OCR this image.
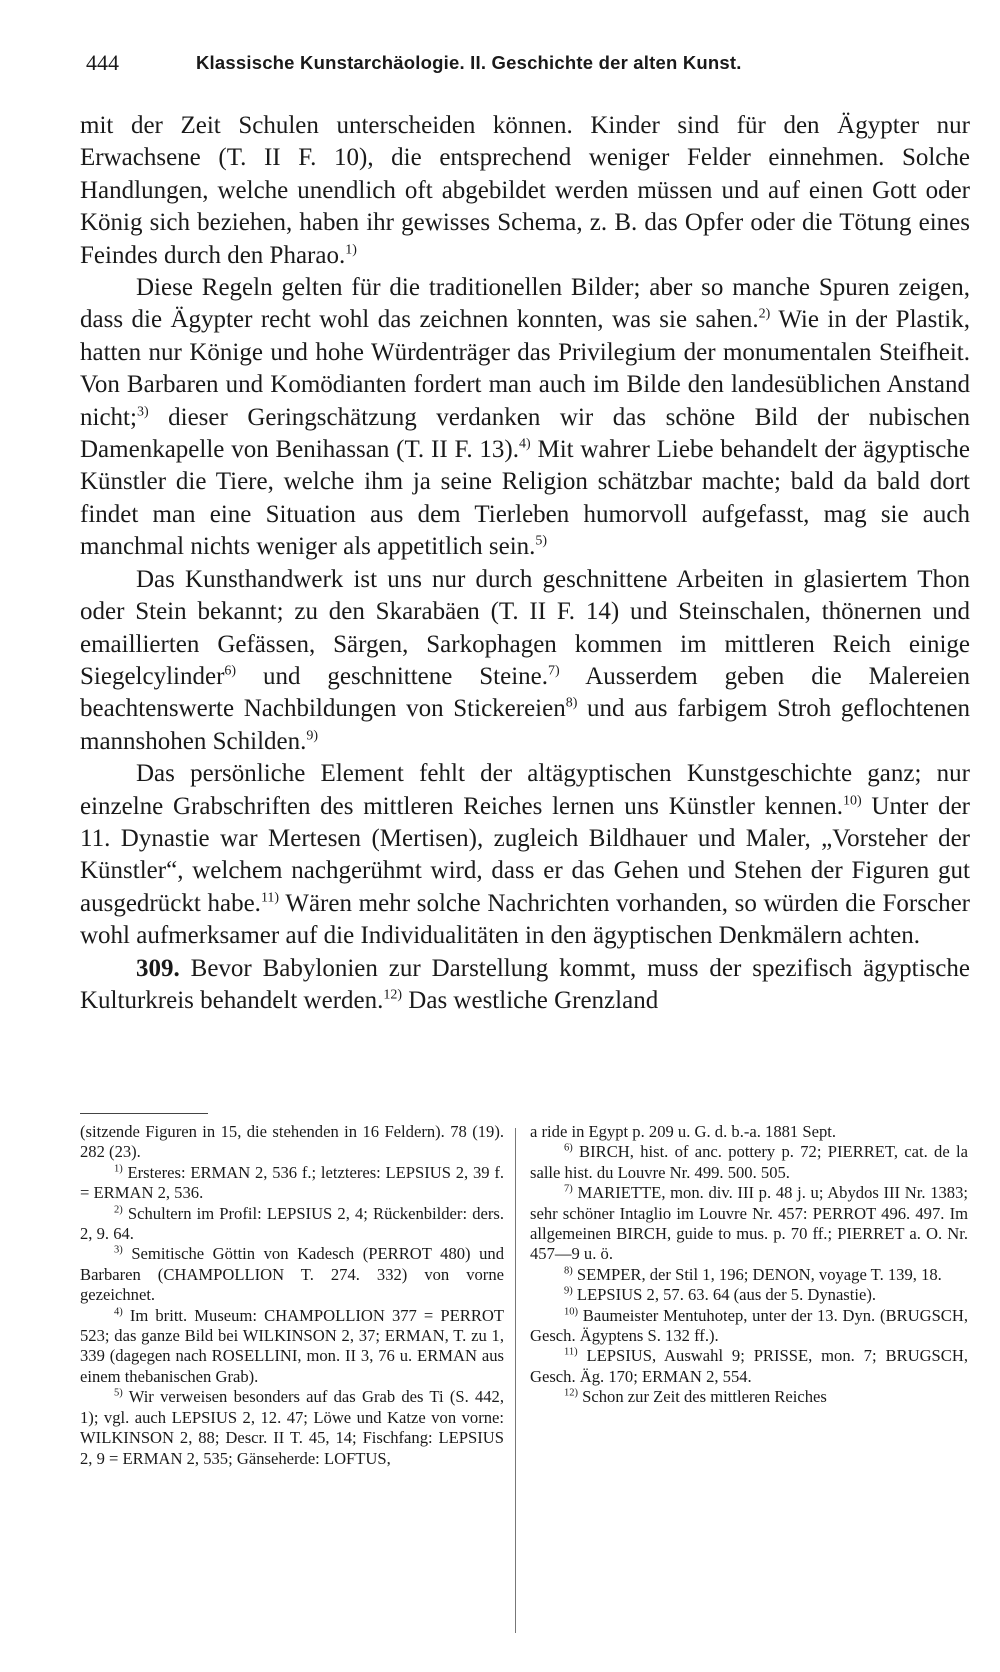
444	Klassische Kunstarchäologie. II. Geschichte der alten Kunst.

mit der Zeit Schulen unterscheiden können. Kinder sind für den Ägypter nur Erwachsene (T. II F. 10), die entsprechend weniger Felder einnehmen. Solche Handlungen, welche unendlich oft abgebildet werden müssen und auf einen Gott oder König sich beziehen, haben ihr gewisses Schema, z. B. das Opfer oder die Tötung eines Feindes durch den Pharao.$^{1)}$

Diese Regeln gelten für die traditionellen Bilder; aber so manche Spuren zeigen, dass die Ägypter recht wohl das zeichnen konnten, was sie sahen.$^{2)}$ Wie in der Plastik, hatten nur Könige und hohe Würdenträger das Privilegium der monumentalen Steifheit. Von Barbaren und Komödianten fordert man auch im Bilde den landesüblichen Anstand nicht;$^{3)}$ dieser Geringschätzung verdanken wir das schöne Bild der nubischen Damenkapelle von Benihassan (T. II F. 13).$^{4)}$ Mit wahrer Liebe behandelt der ägyptische Künstler die Tiere, welche ihm ja seine Religion schätzbar machte; bald da bald dort findet man eine Situation aus dem Tierleben humorvoll aufgefasst, mag sie auch manchmal nichts weniger als appetitlich sein.$^{5)}$

Das Kunsthandwerk ist uns nur durch geschnittene Arbeiten in glasiertem Thon oder Stein bekannt; zu den Skarabäen (T. II F. 14) und Steinschalen, thönernen und emaillierten Gefässen, Särgen, Sarkophagen kommen im mittleren Reich einige Siegelcylinder$^{6)}$ und geschnittene Steine.$^{7)}$ Ausserdem geben die Malereien beachtenswerte Nachbildungen von Stickereien$^{8)}$ und aus farbigem Stroh geflochtenen mannshohen Schilden.$^{9)}$

Das persönliche Element fehlt der altägyptischen Kunstgeschichte ganz; nur einzelne Grabschriften des mittleren Reiches lernen uns Künstler kennen.$^{10)}$ Unter der 11. Dynastie war Mertesen (Mertisen), zugleich Bildhauer und Maler, „Vorsteher der Künstler“, welchem nachgerühmt wird, dass er das Gehen und Stehen der Figuren gut ausgedrückt habe.$^{11)}$ Wären mehr solche Nachrichten vorhanden, so würden die Forscher wohl aufmerksamer auf die Individualitäten in den ägyptischen Denkmälern achten.

309. Bevor Babylonien zur Darstellung kommt, muss der spezifisch ägyptische Kulturkreis behandelt werden.$^{12)}$ Das westliche Grenzland

(sitzende Figuren in 15, die stehenden in 16 Feldern). 78 (19). 282 (23).

$^{1)}$ Ersteres: ERMAN 2, 536 f.; letzteres: LEPSIUS 2, 39 f. = ERMAN 2, 536.

$^{2)}$ Schultern im Profil: LEPSIUS 2, 4; Rückenbilder: ders. 2, 9. 64.

$^{3)}$ Semitische Göttin von Kadesch (PERROT 480) und Barbaren (CHAMPOLLION T. 274. 332) von vorne gezeichnet.

$^{4)}$ Im britt. Museum: CHAMPOLLION 377 = PERROT 523; das ganze Bild bei WILKINSON 2, 37; ERMAN, T. zu 1, 339 (dagegen nach ROSELLINI, mon. II 3, 76 u. ERMAN aus einem thebanischen Grab).

$^{5)}$ Wir verweisen besonders auf das Grab des Ti (S. 442, 1); vgl. auch LEPSIUS 2, 12. 47; Löwe und Katze von vorne: WILKINSON 2, 88; Descr. II T. 45, 14; Fischfang: LEPSIUS 2, 9 = ERMAN 2, 535; Gänseherde: LOFTUS,

a ride in Egypt p. 209 u. G. d. b.-a. 1881 Sept.

$^{6)}$ BIRCH, hist. of anc. pottery p. 72; PIERRET, cat. de la salle hist. du Louvre Nr. 499. 500. 505.

$^{7)}$ MARIETTE, mon. div. III p. 48 j. u; Abydos III Nr. 1383; sehr schöner Intaglio im Louvre Nr. 457: PERROT 496. 497. Im allgemeinen BIRCH, guide to mus. p. 70 ff.; PIERRET a. O. Nr. 457—9 u. ö.

$^{8)}$ SEMPER, der Stil 1, 196; DENON, voyage T. 139, 18.

$^{9)}$ LEPSIUS 2, 57. 63. 64 (aus der 5. Dynastie).

$^{10)}$ Baumeister Mentuhotep, unter der 13. Dyn. (BRUGSCH, Gesch. Ägyptens S. 132 ff.).

$^{11)}$ LEPSIUS, Auswahl 9; PRISSE, mon. 7; BRUGSCH, Gesch. Äg. 170; ERMAN 2, 554.

$^{12)}$ Schon zur Zeit des mittleren Reiches
